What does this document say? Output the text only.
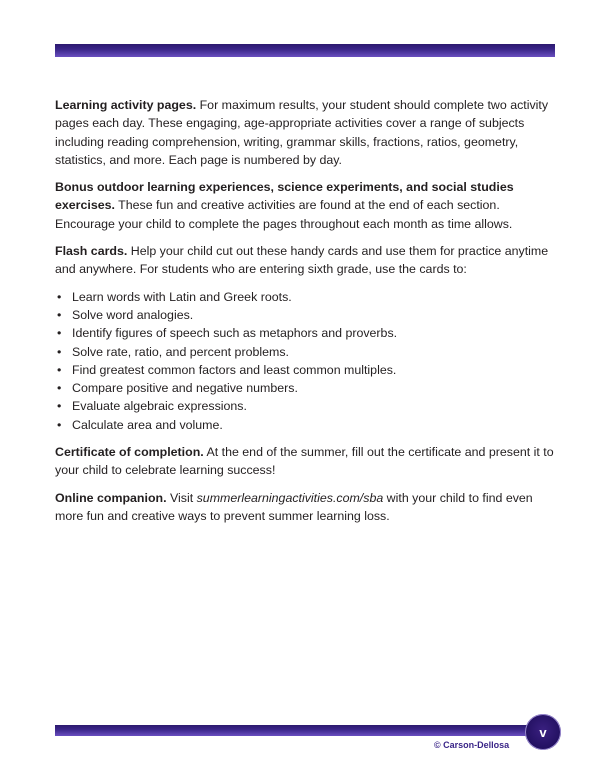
Learning activity pages. For maximum results, your student should complete two activity pages each day. These engaging, age-appropriate activities cover a range of subjects including reading comprehension, writing, grammar skills, fractions, ratios, geometry, statistics, and more. Each page is numbered by day.

Bonus outdoor learning experiences, science experiments, and social studies exercises. These fun and creative activities are found at the end of each section. Encourage your child to complete the pages throughout each month as time allows.

Flash cards. Help your child cut out these handy cards and use them for practice anytime and anywhere. For students who are entering sixth grade, use the cards to:

• Learn words with Latin and Greek roots.
• Solve word analogies.
• Identify figures of speech such as metaphors and proverbs.
• Solve rate, ratio, and percent problems.
• Find greatest common factors and least common multiples.
• Compare positive and negative numbers.
• Evaluate algebraic expressions.
• Calculate area and volume.

Certificate of completion. At the end of the summer, fill out the certificate and present it to your child to celebrate learning success!

Online companion. Visit summerlearningactivities.com/sba with your child to find even more fun and creative ways to prevent summer learning loss.

v
© Carson-Dellosa
